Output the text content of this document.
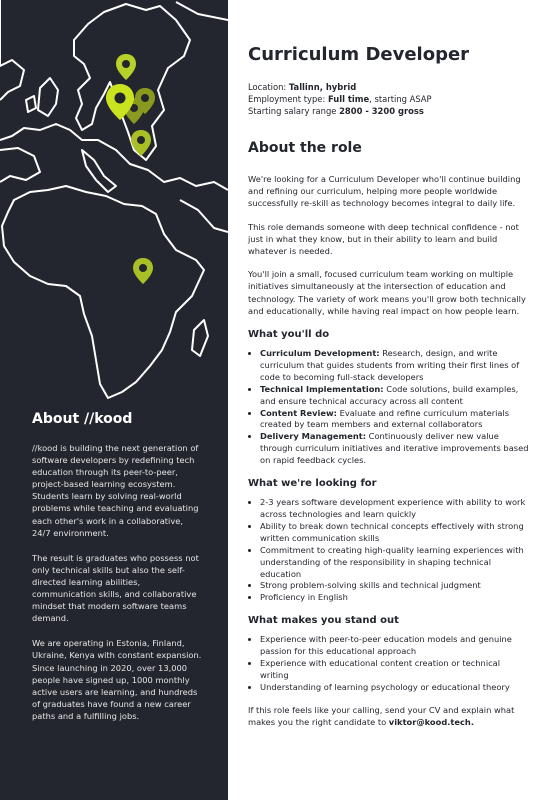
About //kood

//kood is building the next generation of software developers by redefining tech education through its peer-to-peer, project-based learning ecosystem. Students learn by solving real-world problems while teaching and evaluating each other's work in a collaborative, 24/7 environment.

The result is graduates who possess not only technical skills but also the self-directed learning abilities, communication skills, and collaborative mindset that modern software teams demand.

We are operating in Estonia, Finland, Ukraine, Kenya with constant expansion. Since launching in 2020, over 13,000 people have signed up, 1000 monthly active users are learning, and hundreds of graduates have found a new career paths and a fulfilling jobs.

Curriculum Developer
Location: Tallinn, hybrid
Employment type: Full time, starting ASAP
Starting salary range 2800 - 3200 gross
About the role

We're looking for a Curriculum Developer who'll continue building and refining our curriculum, helping more people worldwide successfully re-skill as technology becomes integral to daily life.

This role demands someone with deep technical confidence - not just in what they know, but in their ability to learn and build whatever is needed.

You'll join a small, focused curriculum team working on multiple initiatives simultaneously at the intersection of education and technology. The variety of work means you'll grow both technically and educationally, while having real impact on how people learn.

What you'll do
• Curriculum Development: Research, design, and write curriculum that guides students from writing their first lines of code to becoming full-stack developers
• Technical Implementation: Code solutions, build examples, and ensure technical accuracy across all content
• Content Review: Evaluate and refine curriculum materials created by team members and external collaborators
• Delivery Management: Continuously deliver new value through curriculum initiatives and iterative improvements based on rapid feedback cycles.
What we're looking for
• 2-3 years software development experience with ability to work across technologies and learn quickly
• Ability to break down technical concepts effectively with strong written communication skills
• Commitment to creating high-quality learning experiences with understanding of the responsibility in shaping technical education
• Strong problem-solving skills and technical judgment
• Proficiency in English
What makes you stand out
• Experience with peer-to-peer education models and genuine passion for this educational approach
• Experience with educational content creation or technical writing
• Understanding of learning psychology or educational theory

If this role feels like your calling, send your CV and explain what makes you the right candidate to viktor@kood.tech.
